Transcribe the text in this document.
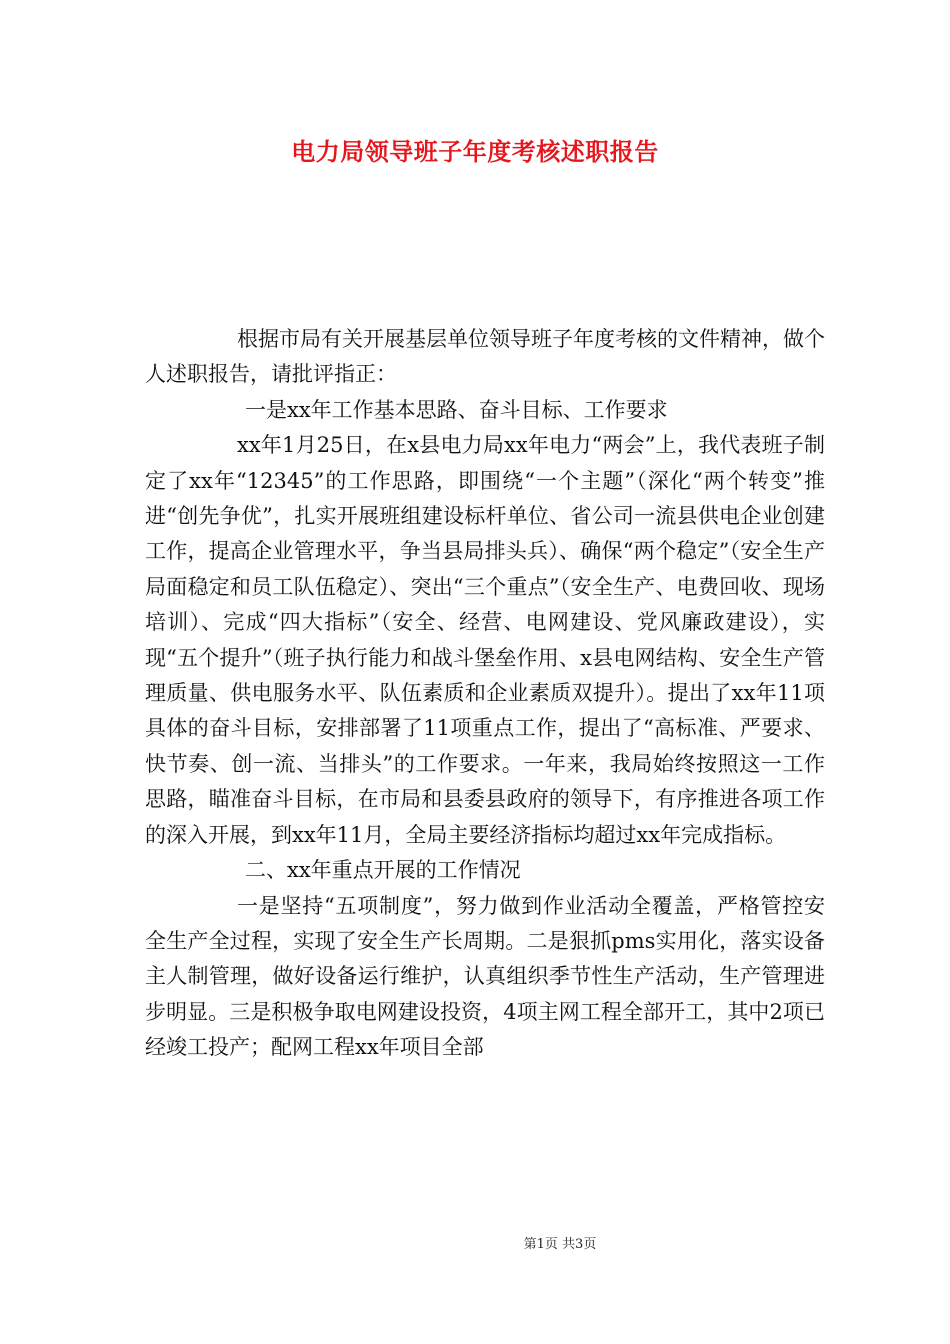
电力局领导班子年度考核述职报告

根据市局有关开展基层单位领导班子年度考核的文件精神，做个人述职报告，请批评指正：

一是xx年工作基本思路、奋斗目标、工作要求

xx年1月25日，在x县电力局xx年电力“两会”上，我代表班子制定了xx年“12345”的工作思路，即围绕“一个主题”（深化“两个转变”推进“创先争优”，扎实开展班组建设标杆单位、省公司一流县供电企业创建工作，提高企业管理水平，争当县局排头兵）、确保“两个稳定”（安全生产局面稳定和员工队伍稳定）、突出“三个重点”（安全生产、电费回收、现场培训）、完成“四大指标”（安全、经营、电网建设、党风廉政建设），实现“五个提升”（班子执行能力和战斗堡垒作用、x县电网结构、安全生产管理质量、供电服务水平、队伍素质和企业素质双提升）。提出了xx年11项具体的奋斗目标，安排部署了11项重点工作，提出了“高标准、严要求、快节奏、创一流、当排头”的工作要求。一年来，我局始终按照这一工作思路，瞄准奋斗目标，在市局和县委县政府的领导下，有序推进各项工作的深入开展，到xx年11月，全局主要经济指标均超过xx年完成指标。

二、xx年重点开展的工作情况

一是坚持“五项制度”，努力做到作业活动全覆盖，严格管控安全生产全过程，实现了安全生产长周期。二是狠抓pms实用化，落实设备主人制管理，做好设备运行维护，认真组织季节性生产活动，生产管理进步明显。三是积极争取电网建设投资，4项主网工程全部开工，其中2项已经竣工投产；配网工程xx年项目全部

第1页 共3页
